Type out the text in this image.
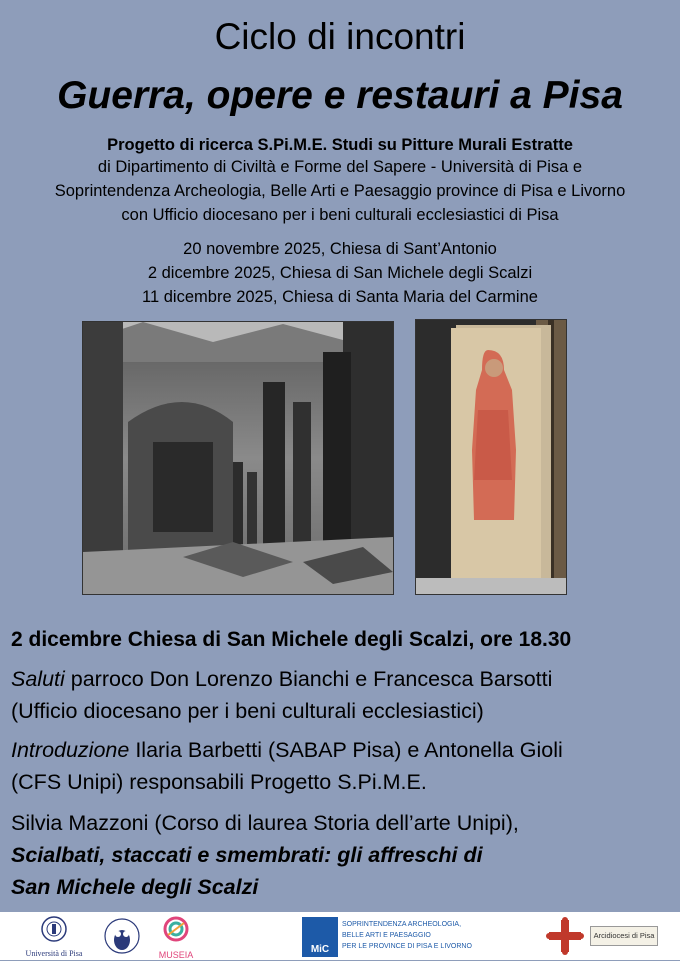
Ciclo di incontri
Guerra, opere e restauri a Pisa
Progetto di ricerca S.Pi.M.E. Studi su Pitture Murali Estratte
di Dipartimento di Civiltà e Forme del Sapere - Università di Pisa e
Soprintendenza Archeologia, Belle Arti e Paesaggio province di Pisa e Livorno
con Ufficio diocesano per i beni culturali ecclesiastici di Pisa
20 novembre 2025, Chiesa di Sant’Antonio
2 dicembre 2025, Chiesa di San Michele degli Scalzi
11 dicembre 2025, Chiesa di Santa Maria del Carmine
2 dicembre Chiesa di San Michele degli Scalzi, ore 18.30
Saluti parroco Don Lorenzo Bianchi e Francesca Barsotti
(Ufficio diocesano per i beni culturali ecclesiastici)
Introduzione Ilaria Barbetti (SABAP Pisa) e Antonella Gioli
(CFS Unipi) responsabili Progetto S.Pi.M.E.
Silvia Mazzoni (Corso di laurea Storia dell’arte Unipi),
Scialbati, staccati e smembrati: gli affreschi di
San Michele degli Scalzi
Università di Pisa	MUSEIA	MiC
SOPRINTENDENZA ARCHEOLOGIA,
BELLE ARTI E PAESAGGIO
PER LE PROVINCE DI PISA E LIVORNO
Arcidiocesi di Pisa
